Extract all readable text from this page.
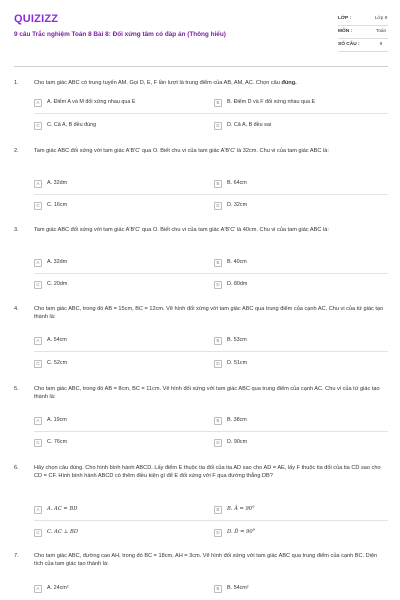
QUIZIZZ
9 câu Trắc nghiệm Toán 8 Bài 8: Đối xứng tâm có đáp án (Thông hiểu)
LỚP :	Lớp 8
MÔN :	Toán
SỐ CÂU :	9
1.	Cho tam giác ABC có trung tuyến AM. Gọi D, E, F lần lượt là trung điểm của AB, AM, AC. Chọn câu đúng.
A	A. Điểm A và M đối xứng nhau qua E	B	B. Điểm D và F đối xứng nhau qua E
C	C. Cả A, B đều đúng	D	D. Cả A, B đều sai
2.	Tam giác ABC đối xứng với tam giác A'B'C' qua O. Biết chu vi của tam giác A'B'C' là 32cm. Chu vi của tam giác ABC là:
A	A. 32dm	B	B. 64cm
C	C. 16cm	D	D. 32cm
3.	Tam giác ABC đối xứng với tam giác A'B'C' qua O. Biết chu vi của tam giác A'B'C' là 40cm. Chu vi của tam giác ABC là:
A	A. 32dm	B	B. 40cm
C	C. 20dm	D	D. 80dm
4.	Cho tam giác ABC, trong đó AB = 15cm, BC = 12cm. Vẽ hình đối xứng với tam giác ABC qua trung điểm của cạnh AC. Chu vi của tứ giác tạo thành là:
A	A. 54cm	B	B. 53cm
C	C. 52cm	D	D. 51cm
5.	Cho tam giác ABC, trong đó AB = 8cm, BC = 11cm. Vẽ hình đối xứng với tam giác ABC qua trung điểm của cạnh AC. Chu vi của tứ giác tạo thành là:
A	A. 19cm	B	B. 38cm
C	C. 76cm	D	D. 90cm
6.	Hãy chọn câu đúng. Cho hình bình hành ABCD. Lấy điểm E thuộc tia đối của tia AD sao cho AD = AE, lấy F thuộc tia đối của tia CD sao cho CD = CF. Hình bình hành ABCD có thêm điều kiện gì để E đối xứng với F qua đường thẳng DB?
A	A. AC = BD	B	B. Â = 90°
C	C. AC ⊥ BD	D	D. D̂ = 90°
7.	Cho tam giác ABC, đường cao AH, trong đó BC = 18cm, AH = 3cm. Vẽ hình đối xứng với tam giác ABC qua trung điểm của cạnh BC. Diện tích của tam giác tạo thành là:
A	A. 24cm²	B	B. 54cm²
